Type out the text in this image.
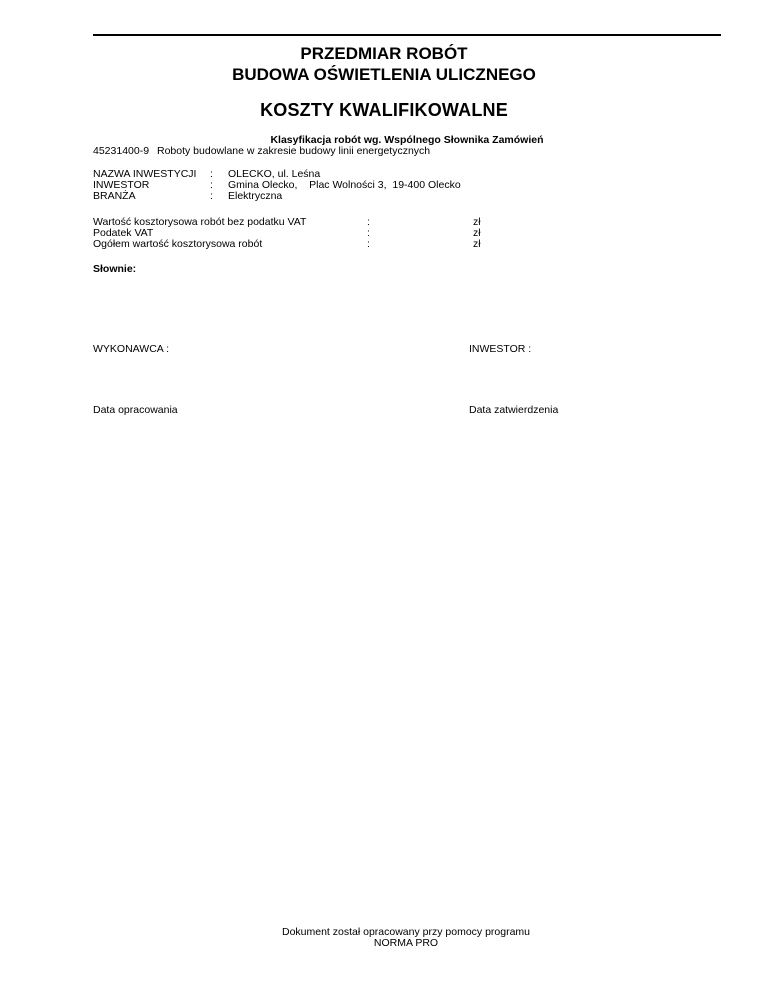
PRZEDMIAR ROBÓT
BUDOWA OŚWIETLENIA ULICZNEGO
KOSZTY KWALIFIKOWALNE
Klasyfikacja robót wg. Wspólnego Słownika Zamówień
45231400-9 Roboty budowlane w zakresie budowy linii energetycznych
NAZWA INWESTYCJI : OLECKO, ul. Leśna
INWESTOR	: Gmina Olecko,    Plac Wolności 3,  19-400 Olecko
BRANŻA	: Elektryczna
Wartość kosztorysowa robót bez podatku VAT	:	zł
Podatek VAT	:	zł
Ogółem wartość kosztorysowa robót	:	zł
Słownie:
WYKONAWCA :	INWESTOR :
Data opracowania	Data zatwierdzenia
Dokument został opracowany przy pomocy programu
NORMA PRO
